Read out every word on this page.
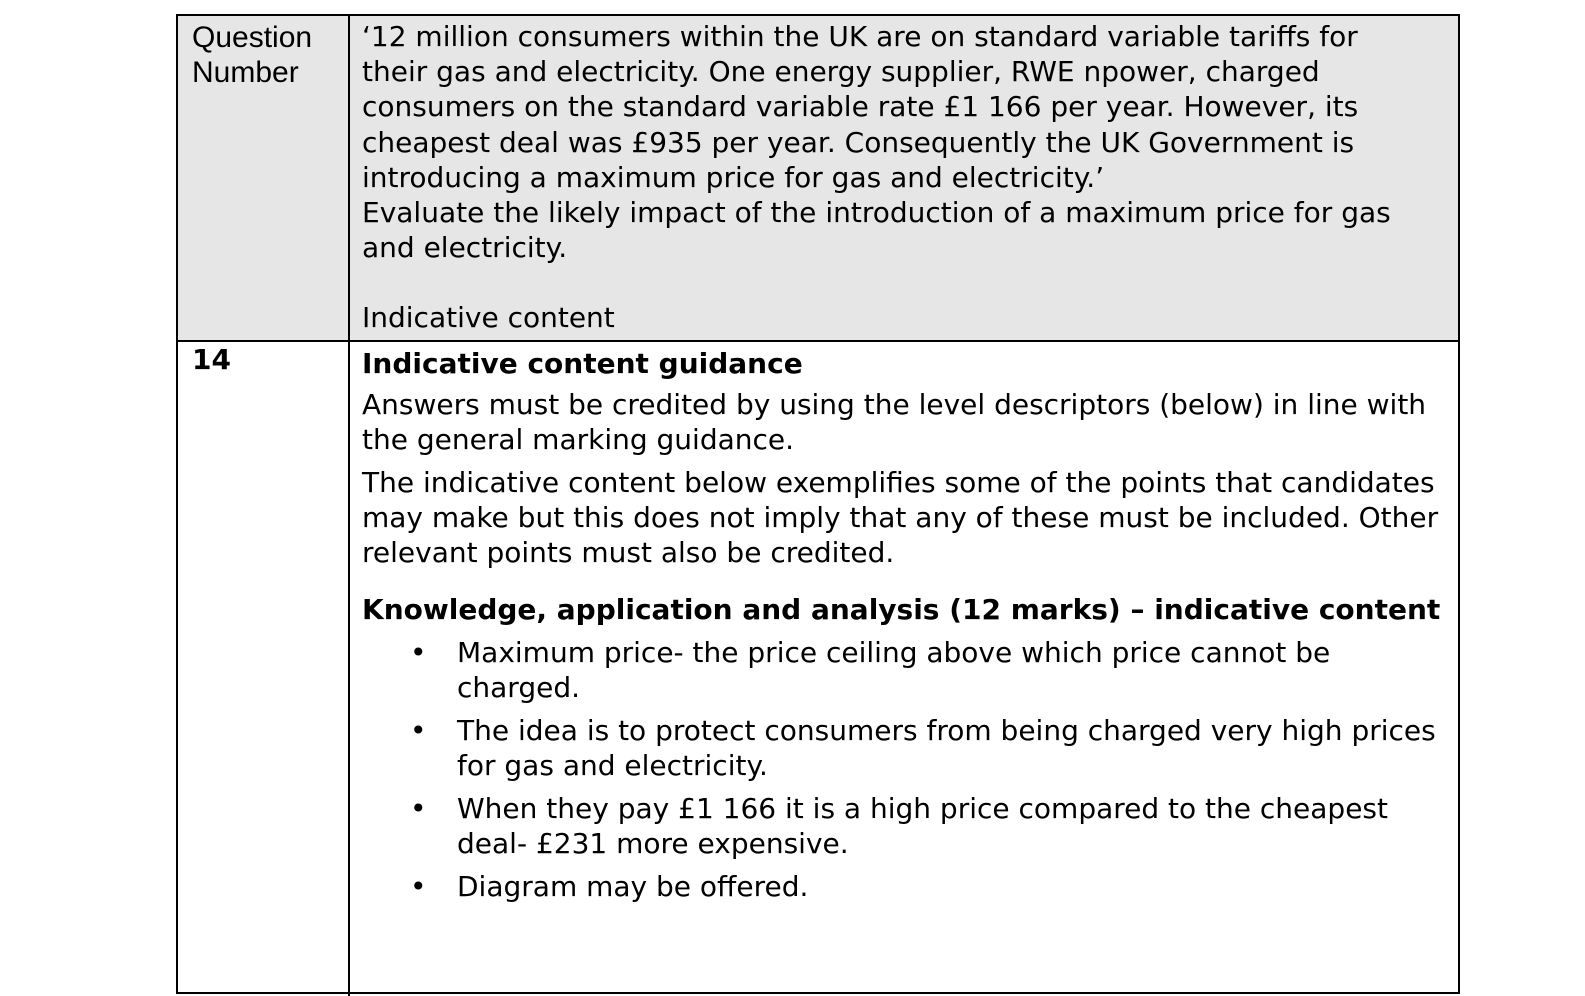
Question
Number
‘12 million consumers within the UK are on standard variable tariffs for
their gas and electricity. One energy supplier, RWE npower, charged
consumers on the standard variable rate £1 166 per year. However, its
cheapest deal was £935 per year. Consequently the UK Government is
introducing a maximum price for gas and electricity.’
Evaluate the likely impact of the introduction of a maximum price for gas
and electricity.
Indicative content
14	Indicative content guidance
Answers must be credited by using the level descriptors (below) in line with the general marking guidance.
The indicative content below exemplifies some of the points that candidates may make but this does not imply that any of these must be included. Other relevant points must also be credited.
Knowledge, application and analysis (12 marks) – indicative content
• Maximum price- the price ceiling above which price cannot be charged.
• The idea is to protect consumers from being charged very high prices for gas and electricity.
• When they pay £1 166 it is a high price compared to the cheapest deal- £231 more expensive.
• Diagram may be offered.
